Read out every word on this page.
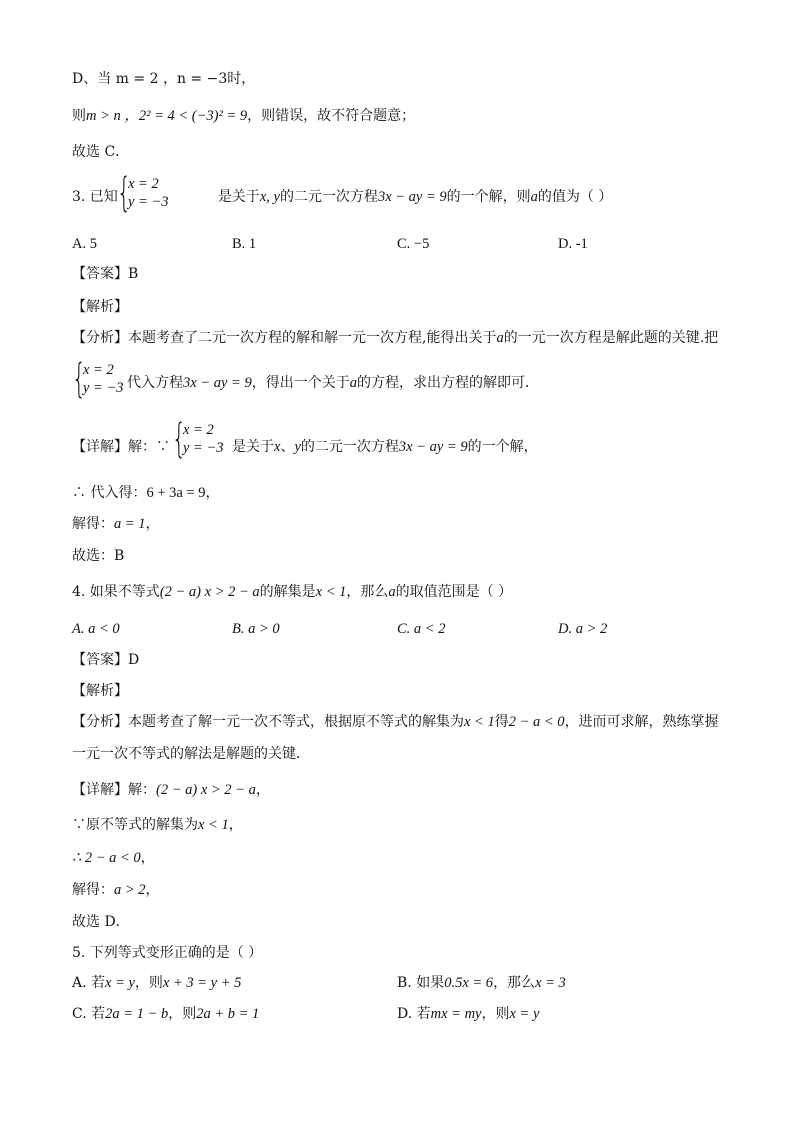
D、当 m = 2 ，n = −3时，
则m > n ，2² = 4 < (−3)² = 9，则错误，故不符合题意；
故选 C．
3. 已知	是关于x, y的二元一次方程3x − ay = 9的一个解，则a的值为（ ）
{
x = 2
y = −3
A. 5	B. 1	C. −5	D. -1
【答案】B
【解析】
【分析】本题考查了二元一次方程的解和解一元一次方程,能得出关于a的一元一次方程是解此题的关键.把
{
x = 2
y = −3 代入方程3x − ay = 9，得出一个关于a的方程，求出方程的解即可．
{
x = 2
y = −3
【详解】解：∵	是关于x、y的二元一次方程3x − ay = 9的一个解，
∴ 代入得：6 + 3a = 9，
解得：a = 1，
故选：B
4. 如果不等式(2 − a) x > 2 − a的解集是x < 1，那么a的取值范围是（ ）
A. a < 0	B. a > 0	C. a < 2	D. a > 2
【答案】D
【解析】
【分析】本题考查了解一元一次不等式，根据原不等式的解集为x < 1得2 − a < 0，进而可求解，熟练掌握
一元一次不等式的解法是解题的关键．
【详解】解：(2 − a) x > 2 − a，
∵原不等式的解集为x < 1，
∴ 2 − a < 0，
解得：a > 2，
故选 D．
5. 下列等式变形正确的是（ ）
A. 若x = y，则x + 3 = y + 5	B. 如果0.5x = 6，那么x = 3
C. 若2a = 1 − b，则2a + b = 1	D. 若mx = my，则x = y
